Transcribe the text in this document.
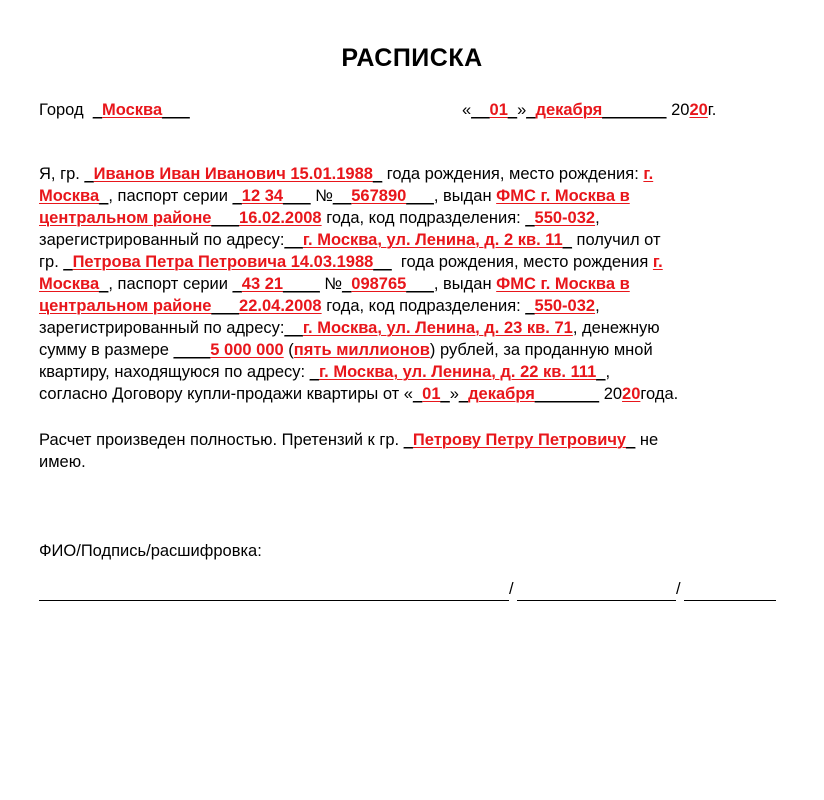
РАСПИСКА
Город _Москва___	«__01_»_декабря_______ 2020г.
Я, гр. _Иванов Иван Иванович 15.01.1988_ года рождения, место рождения: г.
Москва_, паспорт серии _12 34___ №__567890___, выдан ФМС г. Москва в
центральном районе___16.02.2008 года, код подразделения: _550-032,
зарегистрированный по адресу:__г. Москва, ул. Ленина, д. 2 кв. 11_ получил от
гр. _Петрова Петра Петровича 14.03.1988__ года рождения, место рождения г.
Москва_, паспорт серии _43 21____ №_098765___, выдан ФМС г. Москва в
центральном районе___22.04.2008 года, код подразделения: _550-032,
зарегистрированный по адресу:__г. Москва, ул. Ленина, д. 23 кв. 71, денежную
сумму в размере ____5 000 000 (пять миллионов) рублей, за проданную мной
квартиру, находящуюся по адресу: _г. Москва, ул. Ленина, д. 22 кв. 111_,
согласно Договору купли-продажи квартиры от «_01_»_декабря_______ 2020года.
Расчет произведен полностью. Претензий к гр. _Петрову Петру Петровичу_ не
имею.
ФИО/Подпись/расшифровка:
/	/
